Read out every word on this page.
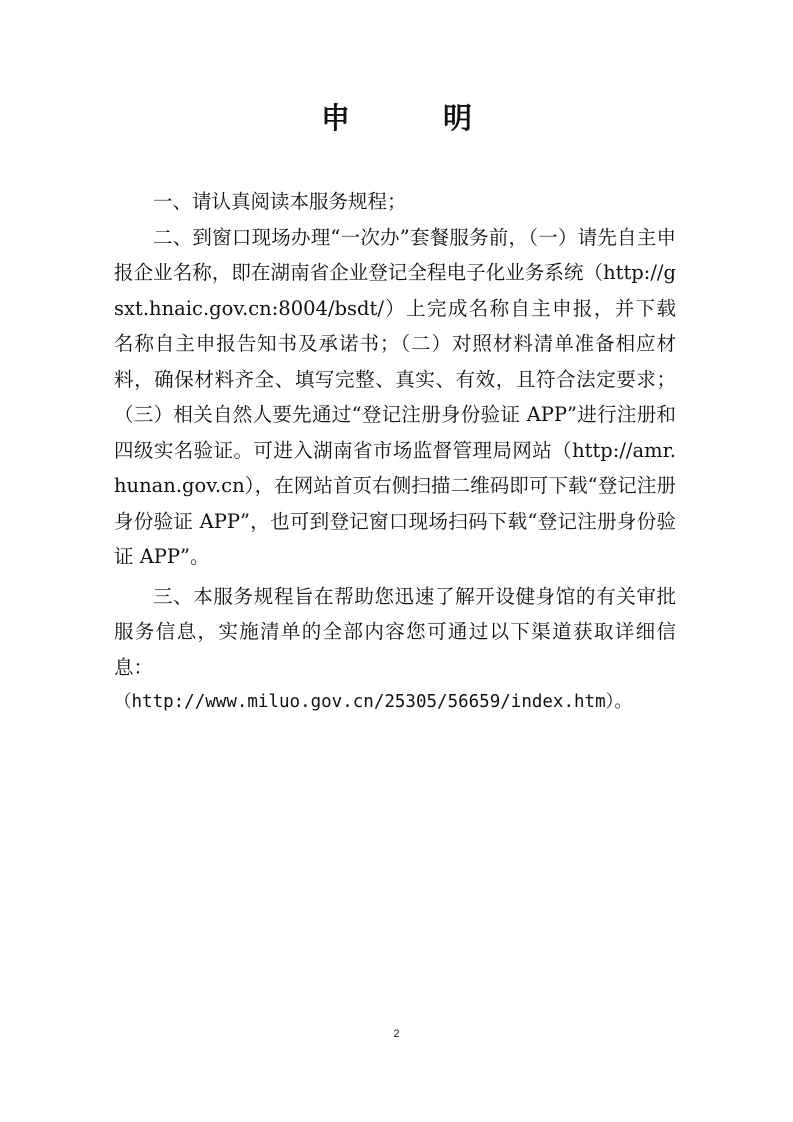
申　明

一、请认真阅读本服务规程；

二、到窗口现场办理“一次办”套餐服务前，（一）请先自主申报企业名称，即在湖南省企业登记全程电子化业务系统（http://gsxt.hnaic.gov.cn:8004/bsdt/）上完成名称自主申报，并下载名称自主申报告知书及承诺书；（二）对照材料清单准备相应材料，确保材料齐全、填写完整、真实、有效，且符合法定要求；（三）相关自然人要先通过“登记注册身份验证 APP”进行注册和四级实名验证。可进入湖南省市场监督管理局网站（http://amr.hunan.gov.cn），在网站首页右侧扫描二维码即可下载“登记注册身份验证 APP”，也可到登记窗口现场扫码下载“登记注册身份验证 APP”。

三、本服务规程旨在帮助您迅速了解开设健身馆的有关审批服务信息，实施清单的全部内容您可通过以下渠道获取详细信息：

（http://www.miluo.gov.cn/25305/56659/index.htm）。

2
